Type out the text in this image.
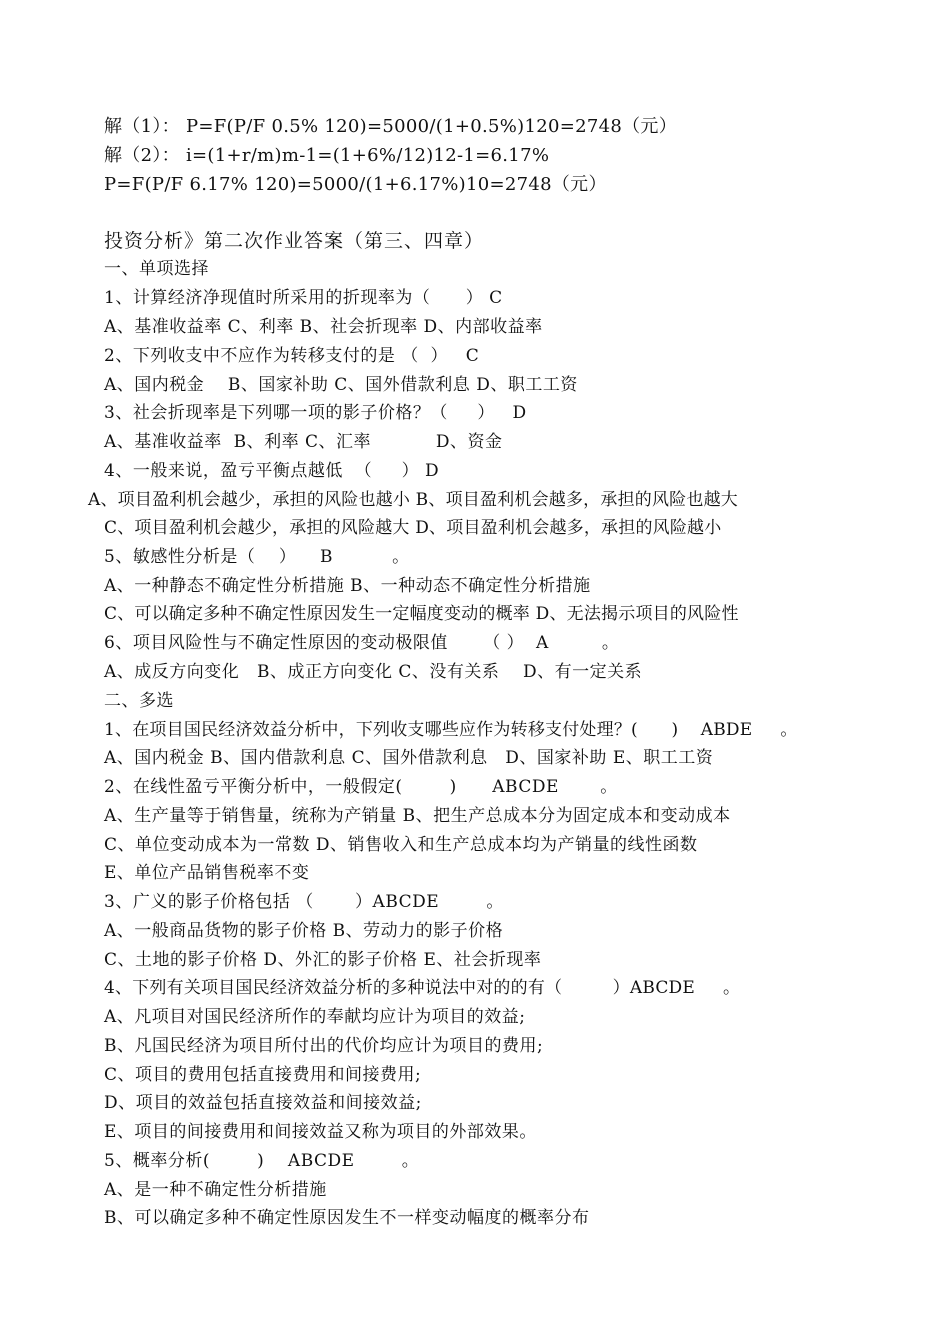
解（1）： P=F(P/F 0.5% 120)=5000/(1+0.5%)120=2748（元）
解（2）： i=(1+r/m)m-1=(1+6%/12)12-1=6.17%
P=F(P/F 6.17% 120)=5000/(1+6.17%)10=2748（元）
投资分析》第二次作业答案（第三、四章）
一、单项选择
1、计算经济净现值时所采用的折现率为（      ） C
A、基准收益率 C、利率 B、社会折现率 D、内部收益率
2、下列收支中不应作为转移支付的是 （  ）   C
A、国内税金    B、国家补助 C、国外借款利息 D、职工工资
3、社会折现率是下列哪一项的影子价格？（     ）   D
A、基准收益率  B、利率 C、汇率           D、资金
4、一般来说，盈亏平衡点越低  （     ） D
A、项目盈利机会越少，承担的风险也越小 B、项目盈利机会越多，承担的风险也越大
C、项目盈利机会越少，承担的风险越大 D、项目盈利机会越多，承担的风险越小
5、敏感性分析是（    ）    B          。
A、一种静态不确定性分析措施 B、一种动态不确定性分析措施
C、可以确定多种不确定性原因发生一定幅度变动的概率 D、无法揭示项目的风险性
6、项目风险性与不确定性原因的变动极限值      （ ）  A         。
A、成反方向变化   B、成正方向变化 C、没有关系    D、有一定关系
二、多选
1、在项目国民经济效益分析中，下列收支哪些应作为转移支付处理？(      )    ABDE     。
A、国内税金 B、国内借款利息 C、国外借款利息   D、国家补助 E、职工工资
2、在线性盈亏平衡分析中，一般假定(        )      ABCDE       。
A、生产量等于销售量，统称为产销量 B、把生产总成本分为固定成本和变动成本
C、单位变动成本为一常数 D、销售收入和生产总成本均为产销量的线性函数
E、单位产品销售税率不变
3、广义的影子价格包括 （       ）ABCDE        。
A、一般商品货物的影子价格 B、劳动力的影子价格
C、土地的影子价格 D、外汇的影子价格 E、社会折现率
4、下列有关项目国民经济效益分析的多种说法中对的的有（         ）ABCDE     。
A、凡项目对国民经济所作的奉献均应计为项目的效益;
B、凡国民经济为项目所付出的代价均应计为项目的费用;
C、项目的费用包括直接费用和间接费用;
D、项目的效益包括直接效益和间接效益;
E、项目的间接费用和间接效益又称为项目的外部效果。
5、概率分析(        )    ABCDE        。
A、是一种不确定性分析措施
B、可以确定多种不确定性原因发生不一样变动幅度的概率分布
